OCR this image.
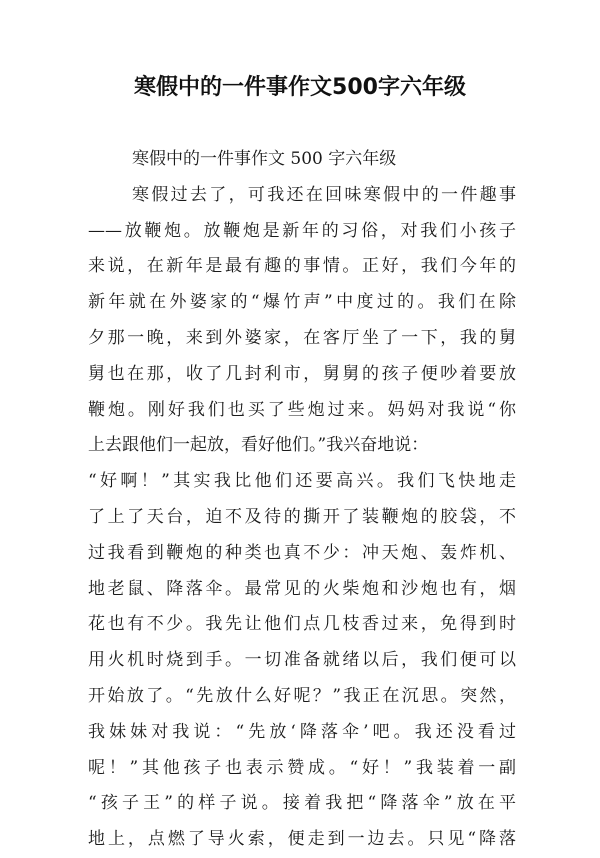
寒假中的一件事作文500字六年级
寒假中的一件事作文 500 字六年级
寒假过去了，可我还在回味寒假中的一件趣事
——放鞭炮。放鞭炮是新年的习俗，对我们小孩子
来说，在新年是最有趣的事情。正好，我们今年的
新年就在外婆家的“爆竹声”中度过的。我们在除
夕那一晚，来到外婆家，在客厅坐了一下，我的舅
舅也在那，收了几封利市，舅舅的孩子便吵着要放
鞭炮。刚好我们也买了些炮过来。妈妈对我说“你
上去跟他们一起放，看好他们。”我兴奋地说：
“好啊！”其实我比他们还要高兴。我们飞快地走
了上了天台，迫不及待的撕开了装鞭炮的胶袋，不
过我看到鞭炮的种类也真不少：冲天炮、轰炸机、
地老鼠、降落伞。最常见的火柴炮和沙炮也有，烟
花也有不少。我先让他们点几枝香过来，免得到时
用火机时烧到手。一切准备就绪以后，我们便可以
开始放了。“先放什么好呢？”我正在沉思。突然，
我妹妹对我说：“先放‘降落伞’吧。我还没看过
呢！”其他孩子也表示赞成。“好！”我装着一副
“孩子王”的样子说。接着我把“降落伞”放在平
地上，点燃了导火索，便走到一边去。只见“降落
